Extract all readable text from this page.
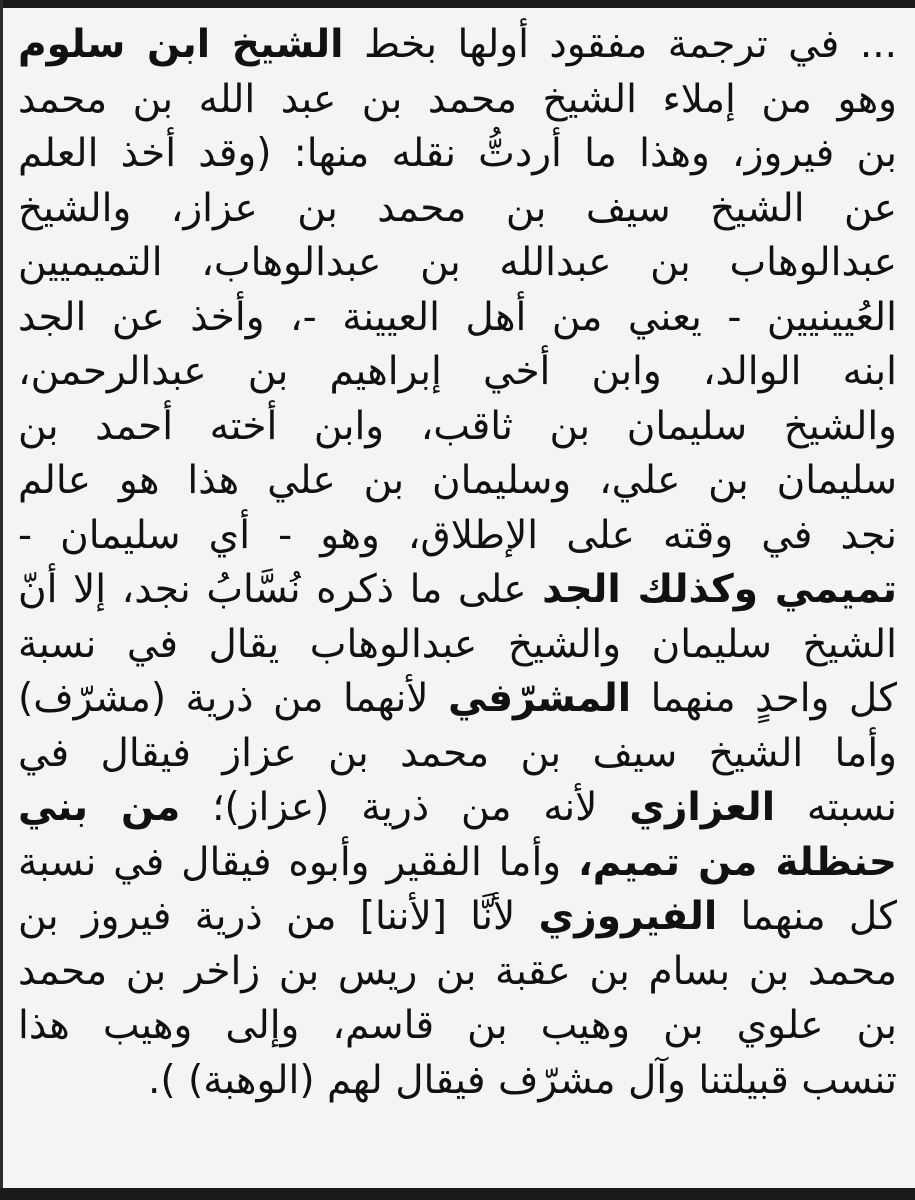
... في ترجمة مفقود أولها بخط الشيخ ابن سلوم
وهو من إملاء الشيخ محمد بن عبد الله بن محمد
بن فيروز، وهذا ما أردتُّ نقله منها: (وقد أخذ العلم
عن الشيخ سيف بن محمد بن عزاز، والشيخ
عبدالوهاب بن عبدالله بن عبدالوهاب، التميميين
العُيينيين - يعني من أهل العيينة -، وأخذ عن الجد
ابنه الوالد، وابن أخي إبراهيم بن عبدالرحمن،
والشيخ سليمان بن ثاقب، وابن أخته أحمد بن
سليمان بن علي، وسليمان بن علي هذا هو عالم
نجد في وقته على الإطلاق، وهو - أي سليمان -
تميمي وكذلك الجد على ما ذكره نُسَّابُ نجد، إلا أنّ
الشيخ سليمان والشيخ عبدالوهاب يقال في نسبة
كل واحدٍ منهما المشرّفي لأنهما من ذرية (مشرّف)
وأما الشيخ سيف بن محمد بن عزاز فيقال في
نسبته العزازي لأنه من ذرية (عزاز)؛ من بني
حنظلة من تميم، وأما الفقير وأبوه فيقال في نسبة
كل منهما الفيروزي لأنَّا [لأننا] من ذرية فيروز بن
محمد بن بسام بن عقبة بن ريس بن زاخر بن محمد
بن علوي بن وهيب بن قاسم، وإلى وهيب هذا
تنسب قبيلتنا وآل مشرّف فيقال لهم (الوهبة) ).
